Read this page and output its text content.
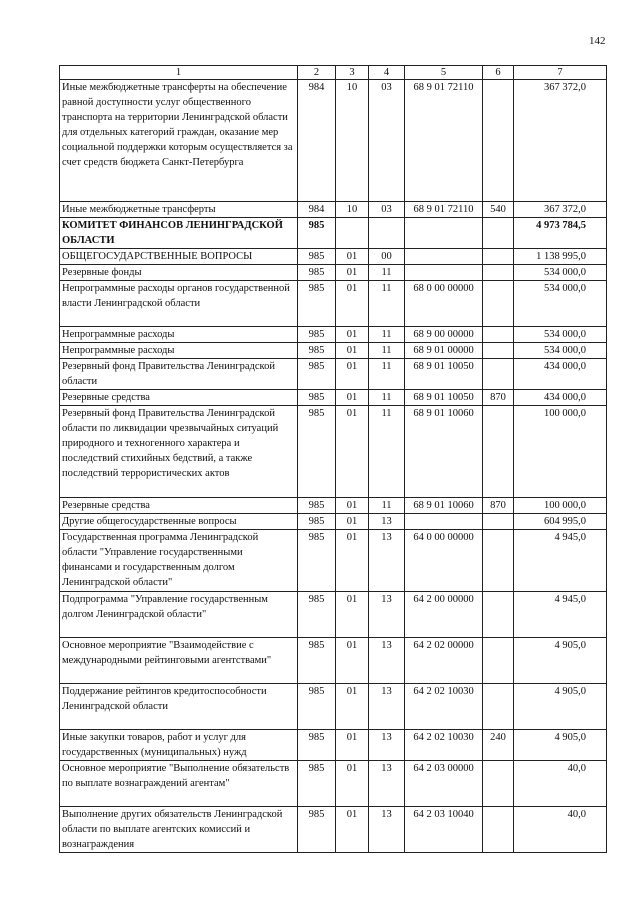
142
1	2	3	4	5	6	7
Иные межбюджетные трансферты на обеспечение равной доступности услуг общественного транспорта на территории Ленинградской области для отдельных категорий граждан, оказание мер социальной поддержки которым осуществляется за счет средств бюджета Санкт-Петербурга	984	10	03	68 9 01 72110		367 372,0
Иные межбюджетные трансферты	984	10	03	68 9 01 72110	540	367 372,0
КОМИТЕТ ФИНАНСОВ ЛЕНИНГРАДСКОЙ ОБЛАСТИ	985					4 973 784,5
ОБЩЕГОСУДАРСТВЕННЫЕ ВОПРОСЫ	985	01	00			1 138 995,0
Резервные фонды	985	01	11			534 000,0
Непрограммные расходы органов государственной власти Ленинградской области	985	01	11	68 0 00 00000		534 000,0
Непрограммные расходы	985	01	11	68 9 00 00000		534 000,0
Непрограммные расходы	985	01	11	68 9 01 00000		534 000,0
Резервный фонд Правительства Ленинградской области	985	01	11	68 9 01 10050		434 000,0
Резервные средства	985	01	11	68 9 01 10050	870	434 000,0
Резервный фонд Правительства Ленинградской области по ликвидации чрезвычайных ситуаций природного и техногенного характера и последствий стихийных бедствий, а также последствий террористических актов	985	01	11	68 9 01 10060		100 000,0
Резервные средства	985	01	11	68 9 01 10060	870	100 000,0
Другие общегосударственные вопросы	985	01	13			604 995,0
Государственная программа Ленинградской области "Управление государственными финансами и государственным долгом Ленинградской области"	985	01	13	64 0 00 00000		4 945,0
Подпрограмма "Управление государственным долгом Ленинградской области"	985	01	13	64 2 00 00000		4 945,0
Основное мероприятие "Взаимодействие с международными рейтинговыми агентствами"	985	01	13	64 2 02 00000		4 905,0
Поддержание рейтингов кредитоспособности Ленинградской области	985	01	13	64 2 02 10030		4 905,0
Иные закупки товаров, работ и услуг для государственных (муниципальных) нужд	985	01	13	64 2 02 10030	240	4 905,0
Основное мероприятие "Выполнение обязательств по выплате вознаграждений агентам"	985	01	13	64 2 03 00000		40,0
Выполнение других обязательств Ленинградской области по выплате агентских комиссий и вознаграждения	985	01	13	64 2 03 10040		40,0
